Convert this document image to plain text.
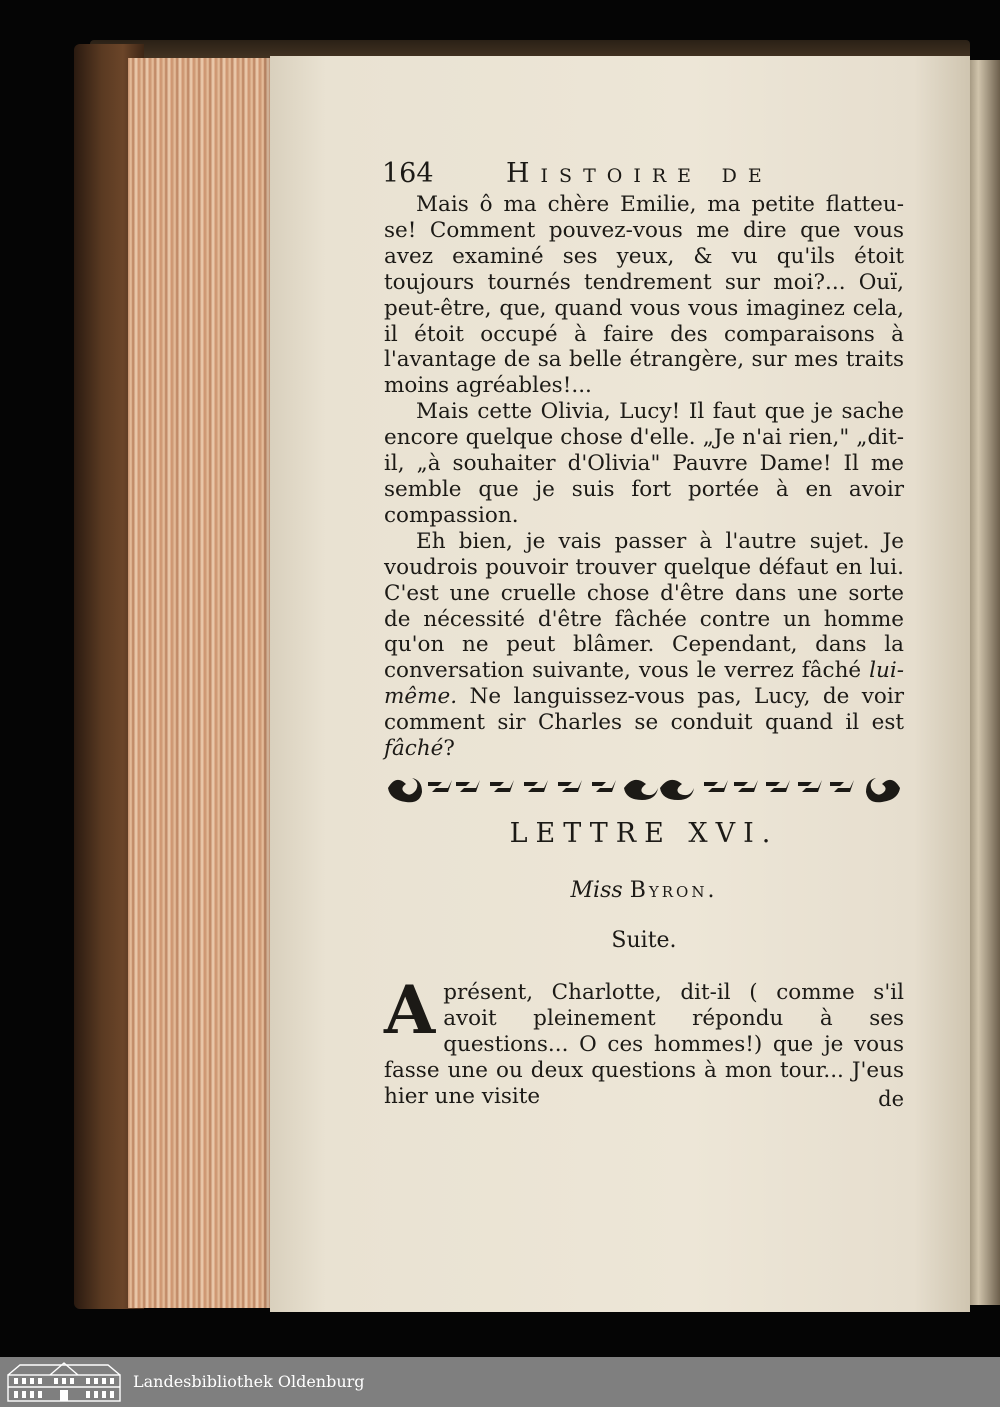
164	Histoire de

Mais ô ma chère Emilie, ma petite flatteu-se! Comment pouvez-vous me dire que vous avez examiné ses yeux, & vu qu'ils étoit toujours tournés tendrement sur moi?... Ouï, peut-être, que, quand vous vous imaginez cela, il étoit occupé à faire des comparaisons à l'avantage de sa belle étrangère, sur mes traits moins agréables!...

Mais cette Olivia, Lucy! Il faut que je sache encore quelque chose d'elle. „Je n'ai rien," „dit-il, „à souhaiter d'Olivia" Pauvre Dame! Il me semble que je suis fort portée à en avoir compassion.

Eh bien, je vais passer à l'autre sujet. Je voudrois pouvoir trouver quelque défaut en lui. C'est une cruelle chose d'être dans une sorte de nécessité d'être fâchée contre un homme qu'on ne peut blâmer. Cependant, dans la conversation suivante, vous le verrez fâché lui-même. Ne languissez-vous pas, Lucy, de voir comment sir Charles se conduit quand il est fâché?

LETTRE XVI.
Miss Byron.
Suite.
A présent, Charlotte, dit-il ( comme s'il avoit pleinement répondu à ses questions... O ces hommes!) que je vous fasse une ou deux questions à mon tour... J'eus hier une visite	de
Landesbibliothek Oldenburg
